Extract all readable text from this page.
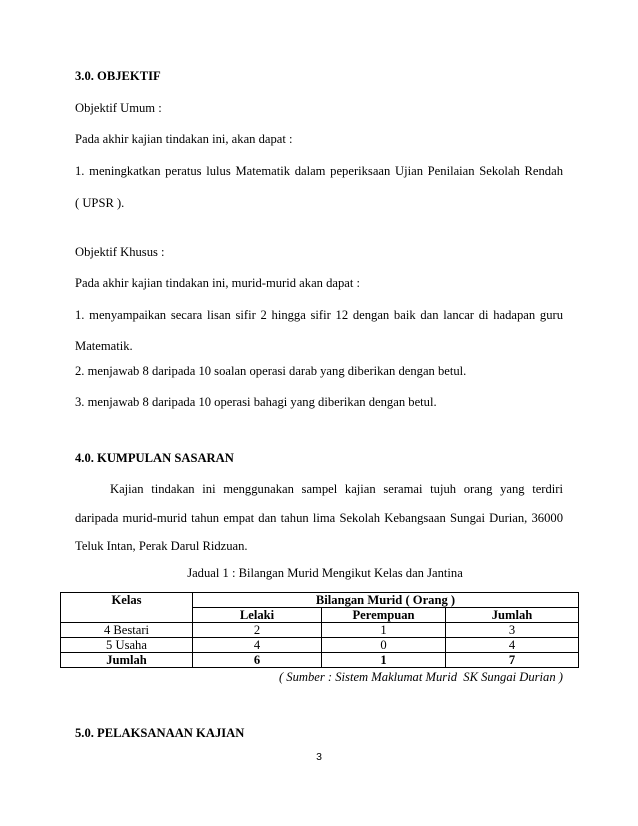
3.0. OBJEKTIF
Objektif Umum :
Pada akhir kajian tindakan ini, akan dapat :
1. meningkatkan peratus lulus Matematik dalam peperiksaan Ujian Penilaian Sekolah Rendah
( UPSR ).
Objektif Khusus :
Pada akhir kajian tindakan ini, murid-murid akan dapat :
1. menyampaikan secara lisan sifir 2 hingga sifir 12 dengan baik dan lancar di hadapan guru
Matematik.
2. menjawab 8 daripada 10 soalan operasi darab yang diberikan dengan betul.
3. menjawab 8 daripada 10 operasi bahagi yang diberikan dengan betul.
4.0. KUMPULAN SASARAN
Kajian tindakan ini menggunakan sampel kajian seramai tujuh orang yang terdiri
daripada murid-murid tahun empat dan tahun lima Sekolah Kebangsaan Sungai Durian, 36000
Teluk Intan, Perak Darul Ridzuan.
Jadual 1 : Bilangan Murid Mengikut Kelas dan Jantina
Kelas	Bilangan Murid ( Orang )		
	Lelaki	Perempuan	Jumlah
4 Bestari	2	1	3
5 Usaha	4	0	4
Jumlah	6	1	7
( Sumber : Sistem Maklumat Murid  SK Sungai Durian )
5.0. PELAKSANAAN KAJIAN
3
